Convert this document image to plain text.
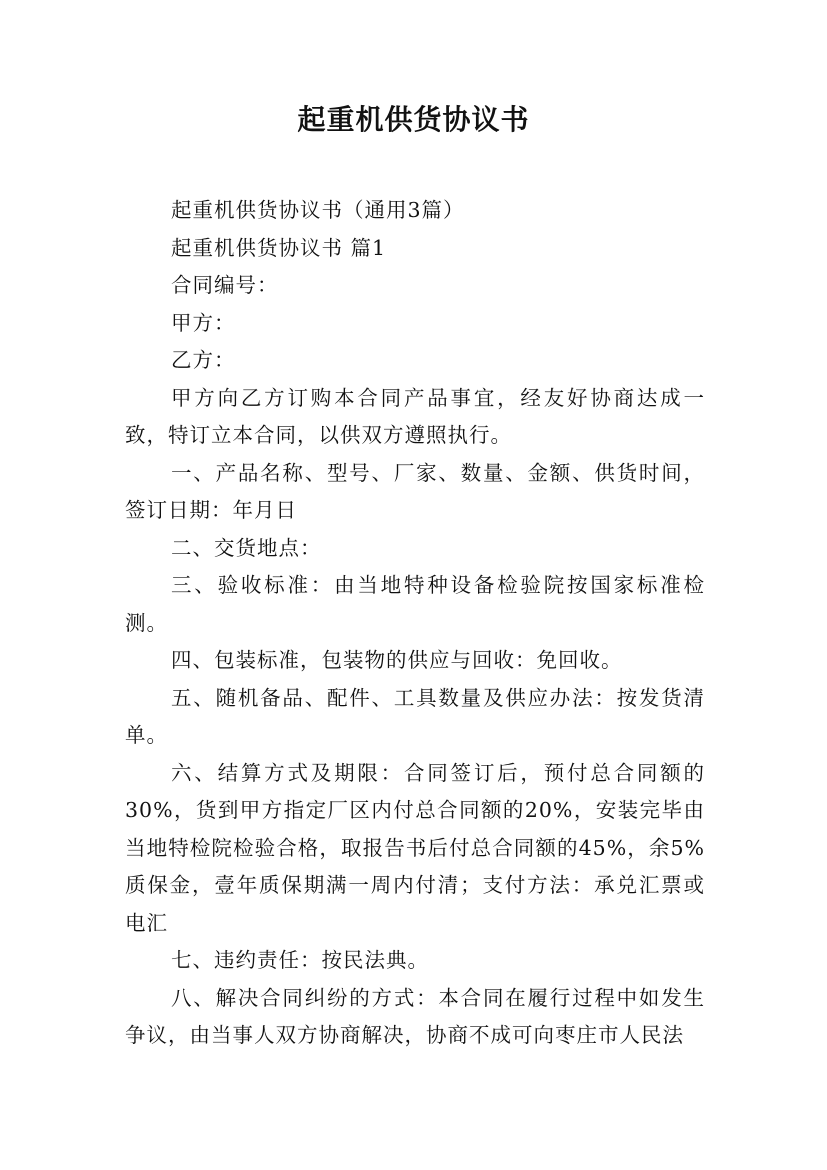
起重机供货协议书

起重机供货协议书（通用3篇）

起重机供货协议书 篇1

合同编号：

甲方：

乙方：

甲方向乙方订购本合同产品事宜，经友好协商达成一致，特订立本合同，以供双方遵照执行。

一、产品名称、型号、厂家、数量、金额、供货时间，签订日期：年月日

二、交货地点：

三、验收标准：由当地特种设备检验院按国家标准检测。

四、包装标准，包装物的供应与回收：免回收。

五、随机备品、配件、工具数量及供应办法：按发货清单。

六、结算方式及期限：合同签订后，预付总合同额的30%，货到甲方指定厂区内付总合同额的20%，安装完毕由当地特检院检验合格，取报告书后付总合同额的45%，余5%质保金，壹年质保期满一周内付清；支付方法：承兑汇票或电汇

七、违约责任：按民法典。

八、解决合同纠纷的方式：本合同在履行过程中如发生争议，由当事人双方协商解决，协商不成可向枣庄市人民法
